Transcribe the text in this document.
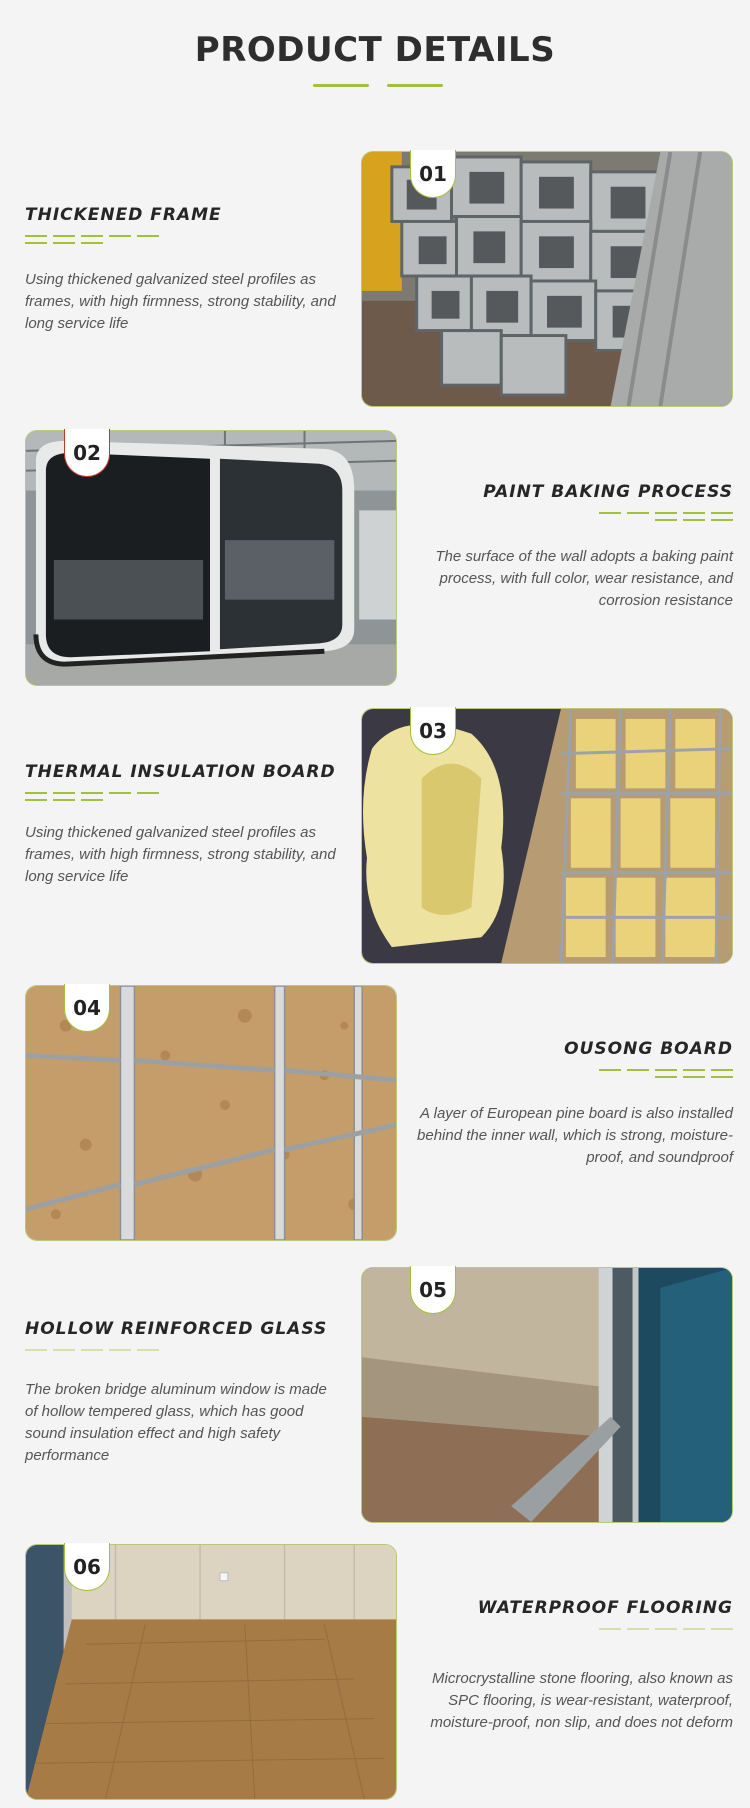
PRODUCT DETAILS
THICKENED FRAME

Using thickened galvanized steel profiles as frames, with high firmness, strong stability, and long service life

01
02
PAINT BAKING PROCESS

The surface of the wall adopts a baking paint process, with full color, wear resistance, and corrosion resistance

THERMAL INSULATION BOARD

Using thickened galvanized steel profiles as frames, with high firmness, strong stability, and long service life

03
04
OUSONG BOARD

A layer of European pine board is also installed behind the inner wall, which is strong, moisture-proof, and soundproof

HOLLOW REINFORCED GLASS

The broken bridge aluminum window is made of hollow tempered glass, which has good sound insulation effect and high safety performance

05
06
WATERPROOF FLOORING

Microcrystalline stone flooring, also known as SPC flooring, is wear-resistant, waterproof, moisture-proof, non slip, and does not deform
